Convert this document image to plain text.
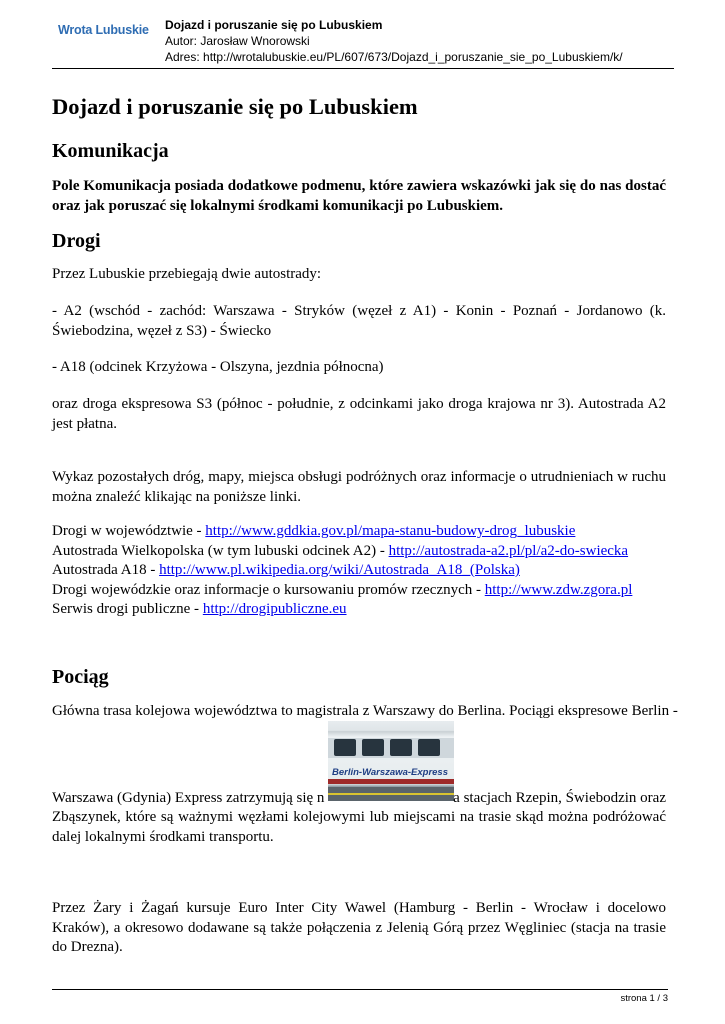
Wrota Lubuskie Dojazd i poruszanie się po Lubuskiem
Autor: Jarosław Wnorowski
Adres: http://wrotalubuskie.eu/PL/607/673/Dojazd_i_poruszanie_sie_po_Lubuskiem/k/
Dojazd i poruszanie się po Lubuskiem
Komunikacja

Pole Komunikacja posiada dodatkowe podmenu, które zawiera wskazówki jak się do nas dostać oraz jak poruszać się lokalnymi środkami komunikacji po Lubuskiem.

Drogi

Przez Lubuskie przebiegają dwie autostrady:

- A2 (wschód - zachód: Warszawa - Stryków (węzeł z A1) - Konin - Poznań - Jordanowo (k. Świebodzina, węzeł z S3) - Świecko

- A18 (odcinek Krzyżowa - Olszyna, jezdnia północna)

oraz droga ekspresowa S3 (północ - południe, z odcinkami jako droga krajowa nr 3). Autostrada A2 jest płatna.

Wykaz pozostałych dróg, mapy, miejsca obsługi podróżnych oraz informacje o utrudnieniach w ruchu można znaleźć klikając na poniższe linki.

Drogi w województwie - http://www.gddkia.gov.pl/mapa-stanu-budowy-drog_lubuskie
Autostrada Wielkopolska (w tym lubuski odcinek A2) - http://autostrada-a2.pl/pl/a2-do-swiecka
Autostrada A18 - http://www.pl.wikipedia.org/wiki/Autostrada_A18_(Polska)
Drogi wojewódzkie oraz informacje o kursowaniu promów rzecznych - http://www.zdw.zgora.pl
Serwis drogi publiczne - http://drogipubliczne.eu
Pociąg

Główna trasa kolejowa województwa to magistrala z Warszawy do Berlina. Pociągi ekspresowe Berlin -

Berlin-Warszawa-Express

Warszawa (Gdynia) Express zatrzymują się n	a stacjach Rzepin, Świebodzin oraz

Zbąszynek, które są ważnymi węzłami kolejowymi lub miejscami na trasie skąd można podróżować dalej lokalnymi środkami transportu.

Przez Żary i Żagań kursuje Euro Inter City Wawel (Hamburg - Berlin - Wrocław i docelowo Kraków), a okresowo dodawane są także połączenia z Jelenią Górą przez Węgliniec (stacja na trasie do Drezna).

strona 1 / 3
